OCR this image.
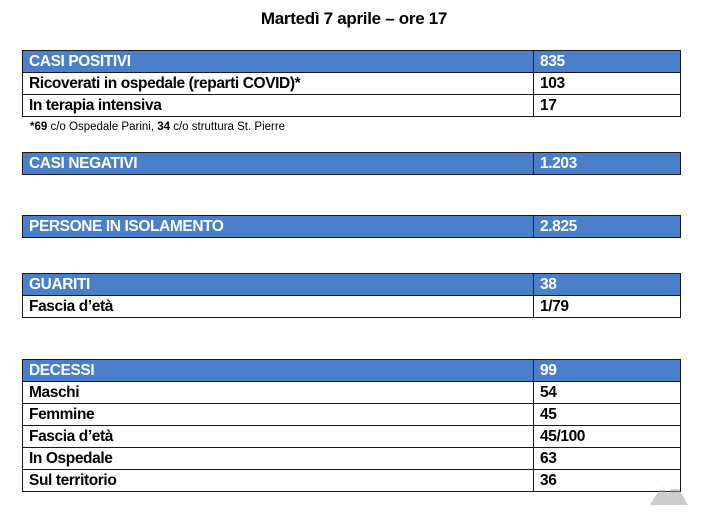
Martedì 7 aprile – ore 17
CASI POSITIVI	835
Ricoverati in ospedale (reparti COVID)*	103
In terapia intensiva	17
*69 c/o Ospedale Parini, 34 c/o struttura St. Pierre
CASI NEGATIVI	1.203
PERSONE IN ISOLAMENTO	2.825
GUARITI	38
Fascia d’età	1/79
DECESSI	99
Maschi	54
Femmine	45
Fascia d’età	45/100
In Ospedale	63
Sul territorio	36
